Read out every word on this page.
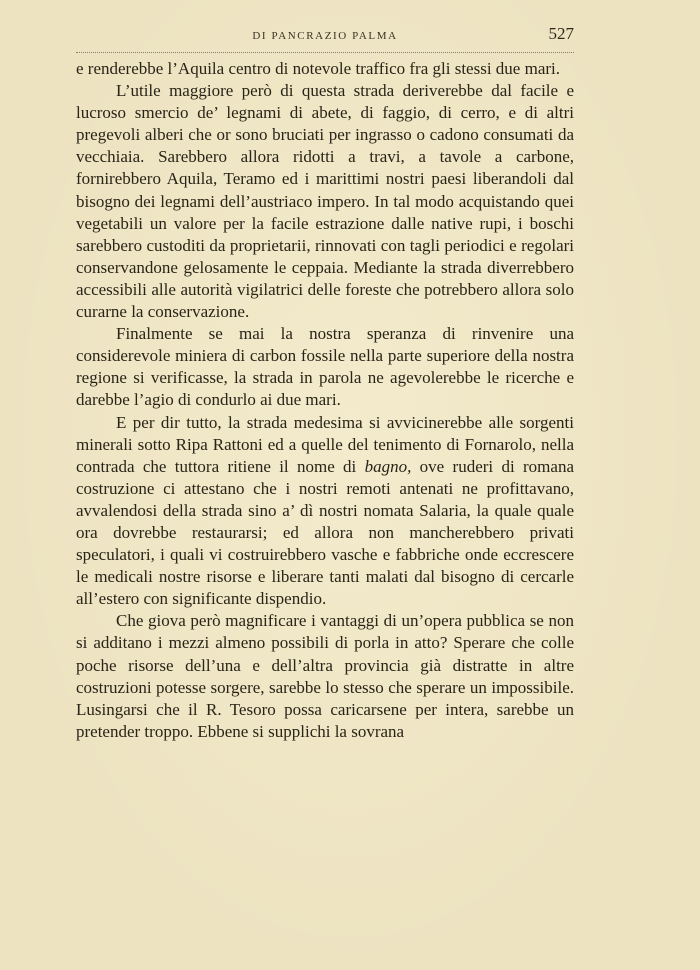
DI PANCRAZIO PALMA	527

e renderebbe l’Aquila centro di notevole traffico fra gli stessi due mari.

L’utile maggiore però di questa strada deriverebbe dal facile e lucroso smercio de’ legnami di abete, di faggio, di cerro, e di altri pregevoli alberi che or sono bruciati per ingrasso o cadono consumati da vecchiaia. Sarebbero allora ridotti a travi, a tavole a carbone, fornirebbero Aquila, Teramo ed i marittimi nostri paesi liberandoli dal bisogno dei legnami dell’austriaco impero. In tal modo acquistando quei vegetabili un valore per la facile estrazione dalle native rupi, i boschi sarebbero custoditi da proprietarii, rinnovati con tagli periodici e regolari conservandone gelosamente le ceppaia. Mediante la strada diverrebbero accessibili alle autorità vigilatrici delle foreste che potrebbero allora solo curarne la conservazione.

Finalmente se mai la nostra speranza di rinvenire una considerevole miniera di carbon fossile nella parte superiore della nostra regione si verificasse, la strada in parola ne agevolerebbe le ricerche e darebbe l’agio di condurlo ai due mari.

E per dir tutto, la strada medesima si avvicinerebbe alle sorgenti minerali sotto Ripa Rattoni ed a quelle del tenimento di Fornarolo, nella contrada che tuttora ritiene il nome di bagno, ove ruderi di romana costruzione ci attestano che i nostri remoti antenati ne profittavano, avvalendosi della strada sino a’ dì nostri nomata Salaria, la quale quale ora dovrebbe restaurarsi; ed allora non mancherebbero privati speculatori, i quali vi costruirebbero vasche e fabbriche onde eccrescere le medicali nostre risorse e liberare tanti malati dal bisogno di cercarle all’estero con significante dispendio.

Che giova però magnificare i vantaggi di un’opera pubblica se non si additano i mezzi almeno possibili di porla in atto? Sperare che colle poche risorse dell’una e dell’altra provincia già distratte in altre costruzioni potesse sorgere, sarebbe lo stesso che sperare un impossibile. Lusingarsi che il R. Tesoro possa caricarsene per intera, sarebbe un pretender troppo. Ebbene si supplichi la sovrana
